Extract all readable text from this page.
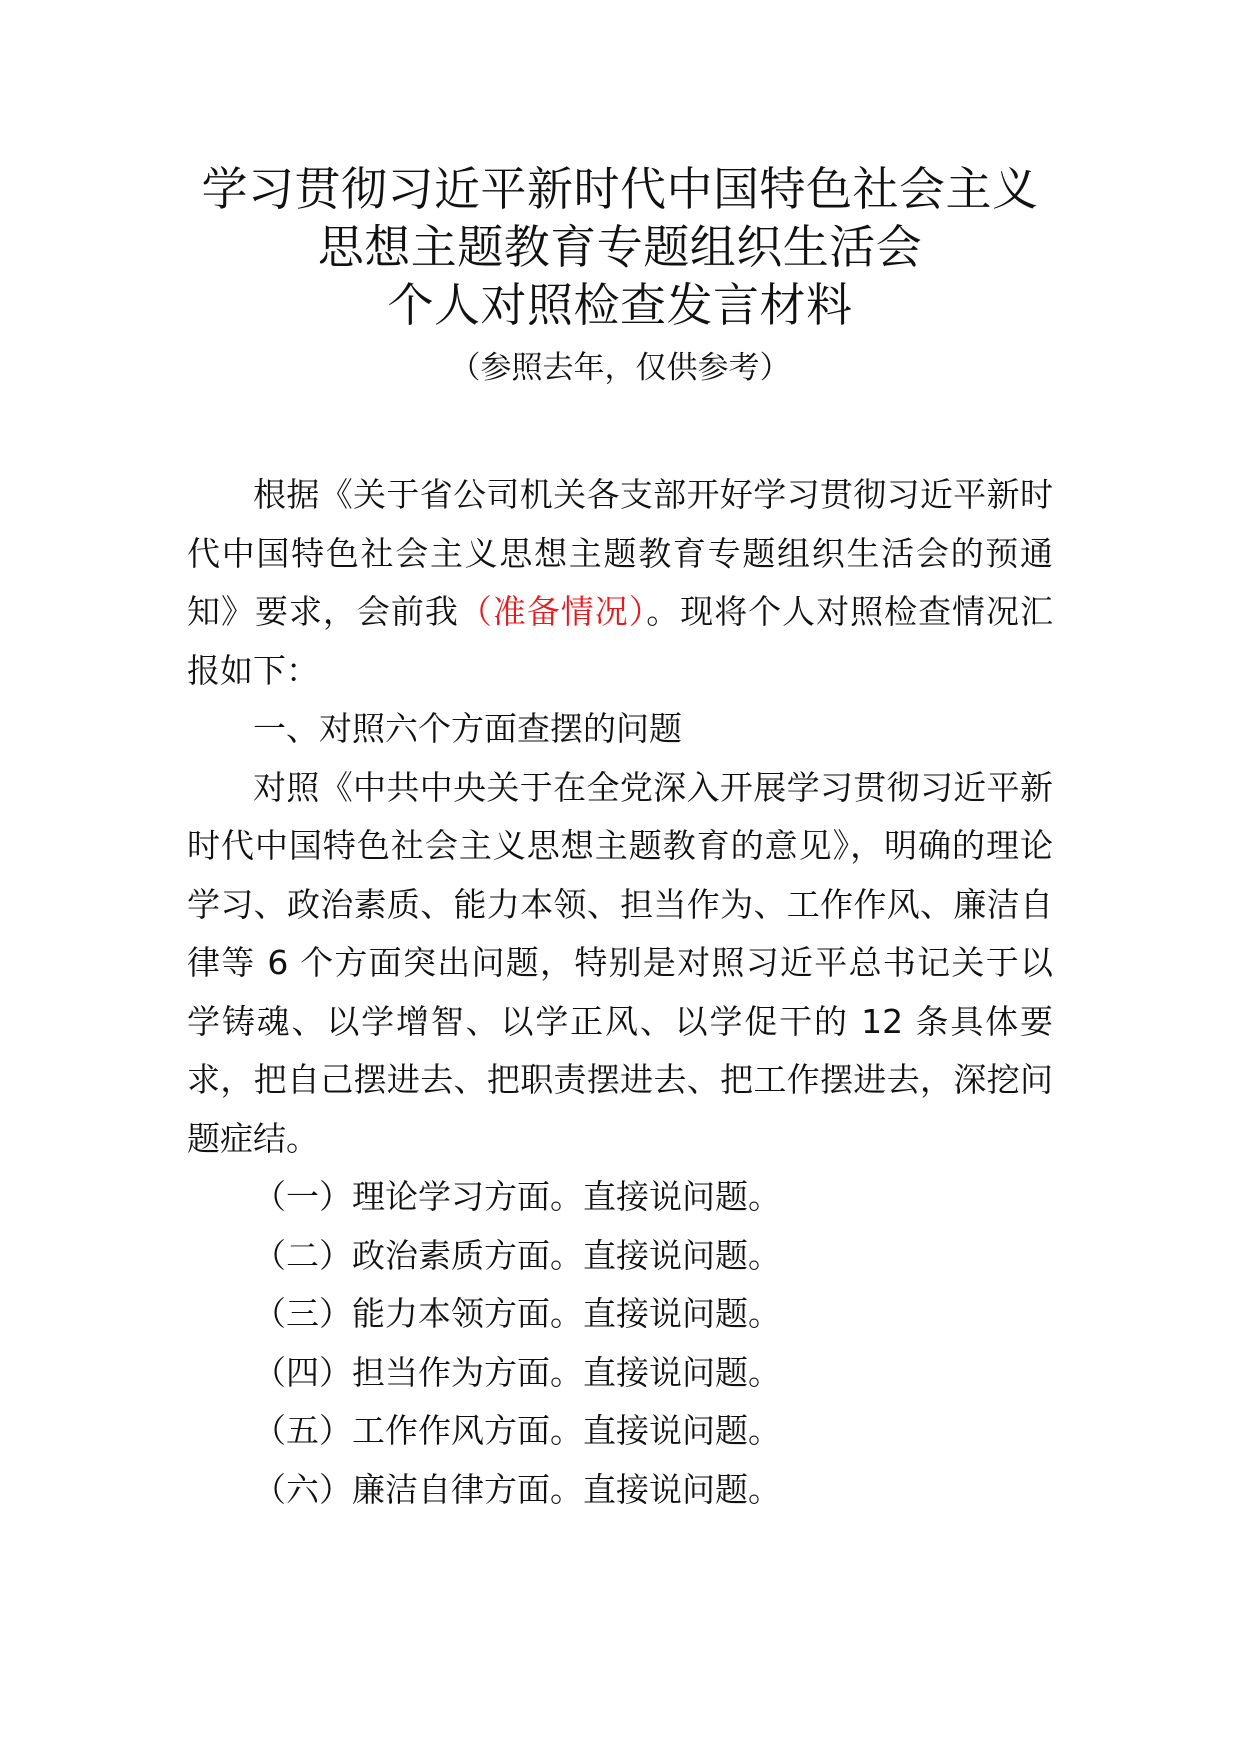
学习贯彻习近平新时代中国特色社会主义
思想主题教育专题组织生活会
个人对照检查发言材料
（参照去年，仅供参考）

根据《关于省公司机关各支部开好学习贯彻习近平新时代中国特色社会主义思想主题教育专题组织生活会的预通知》要求，会前我（准备情况）。现将个人对照检查情况汇报如下：

一、对照六个方面查摆的问题

对照《中共中央关于在全党深入开展学习贯彻习近平新时代中国特色社会主义思想主题教育的意见》，明确的理论学习、政治素质、能力本领、担当作为、工作作风、廉洁自律等 6 个方面突出问题，特别是对照习近平总书记关于以学铸魂、以学增智、以学正风、以学促干的 12 条具体要求，把自己摆进去、把职责摆进去、把工作摆进去，深挖问题症结。

（一）理论学习方面。直接说问题。

（二）政治素质方面。直接说问题。

（三）能力本领方面。直接说问题。

（四）担当作为方面。直接说问题。

（五）工作作风方面。直接说问题。

（六）廉洁自律方面。直接说问题。
